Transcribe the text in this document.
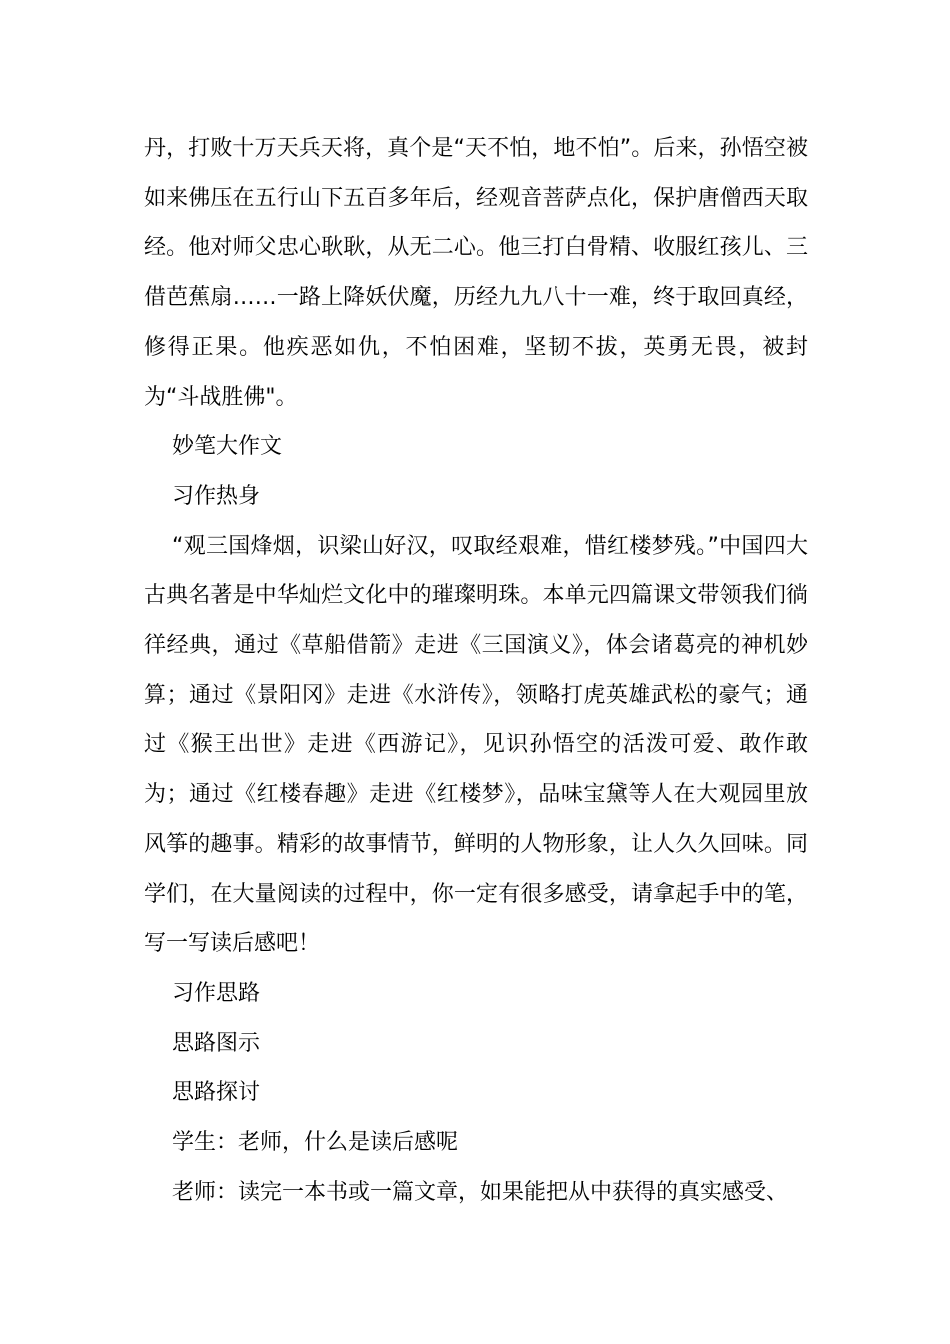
丹，打败十万天兵天将，真个是“天不怕，地不怕”。后来，孙悟空被如来佛压在五行山下五百多年后，经观音菩萨点化，保护唐僧西天取经。他对师父忠心耿耿，从无二心。他三打白骨精、收服红孩儿、三借芭蕉扇……一路上降妖伏魔，历经九九八十一难，终于取回真经，修得正果。他疾恶如仇，不怕困难，坚韧不拔，英勇无畏，被封为“斗战胜佛"。

妙笔大作文

习作热身

“观三国烽烟，识梁山好汉，叹取经艰难，惜红楼梦残。”中国四大古典名著是中华灿烂文化中的璀璨明珠。本单元四篇课文带领我们徜徉经典，通过《草船借箭》走进《三国演义》，体会诸葛亮的神机妙算；通过《景阳冈》走进《水浒传》，领略打虎英雄武松的豪气；通过《猴王出世》走进《西游记》，见识孙悟空的活泼可爱、敢作敢为；通过《红楼春趣》走进《红楼梦》，品味宝黛等人在大观园里放风筝的趣事。精彩的故事情节，鲜明的人物形象，让人久久回味。同学们，在大量阅读的过程中，你一定有很多感受，请拿起手中的笔，写一写读后感吧！

习作思路

思路图示

思路探讨

学生：老师，什么是读后感呢

老师：读完一本书或一篇文章，如果能把从中获得的真实感受、
